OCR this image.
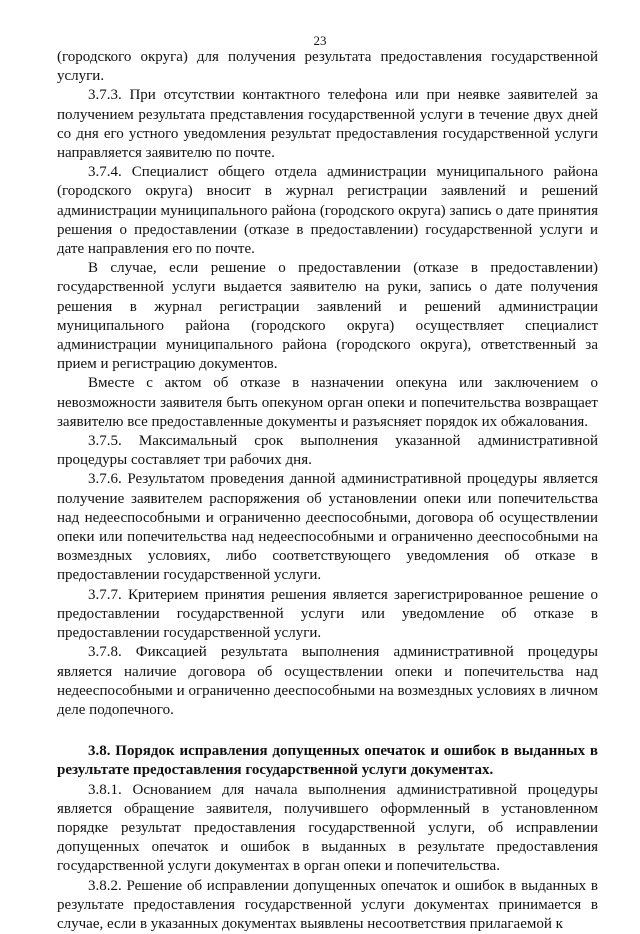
23

(городского округа) для получения результата предоставления государственной услуги.

3.7.3. При отсутствии контактного телефона или при неявке заявителей за получением результата представления государственной услуги в течение двух дней со дня его устного уведомления результат предоставления государственной услуги направляется заявителю по почте.

3.7.4. Специалист общего отдела администрации муниципального района (городского округа) вносит в журнал регистрации заявлений и решений администрации муниципального района (городского округа) запись о дате принятия решения о предоставлении (отказе в предоставлении) государственной услуги и дате направления его по почте.

В случае, если решение о предоставлении (отказе в предоставлении) государственной услуги выдается заявителю на руки, запись о дате получения решения в журнал регистрации заявлений и решений администрации муниципального района (городского округа) осуществляет специалист администрации муниципального района (городского округа), ответственный за прием и регистрацию документов.

Вместе с актом об отказе в назначении опекуна или заключением о невозможности заявителя быть опекуном орган опеки и попечительства возвращает заявителю все предоставленные документы и разъясняет порядок их обжалования.

3.7.5. Максимальный срок выполнения указанной административной процедуры составляет три рабочих дня.

3.7.6. Результатом проведения данной административной процедуры является получение заявителем распоряжения об установлении опеки или попечительства над недееспособными и ограниченно дееспособными, договора об осуществлении опеки или попечительства над недееспособными и ограниченно дееспособными на возмездных условиях, либо соответствующего уведомления об отказе в предоставлении государственной услуги.

3.7.7. Критерием принятия решения является зарегистрированное решение о предоставлении государственной услуги или уведомление об отказе в предоставлении государственной услуги.

3.7.8. Фиксацией результата выполнения административной процедуры является наличие договора об осуществлении опеки и попечительства над недееспособными и ограниченно дееспособными на возмездных условиях в личном деле подопечного.

3.8. Порядок исправления допущенных опечаток и ошибок в выданных в результате предоставления государственной услуги документах.

3.8.1. Основанием для начала выполнения административной процедуры является обращение заявителя, получившего оформленный в установленном порядке результат предоставления государственной услуги, об исправлении допущенных опечаток и ошибок в выданных в результате предоставления государственной услуги документах в орган опеки и попечительства.

3.8.2. Решение об исправлении допущенных опечаток и ошибок в выданных в результате предоставления государственной услуги документах принимается в случае, если в указанных документах выявлены несоответствия прилагаемой к
